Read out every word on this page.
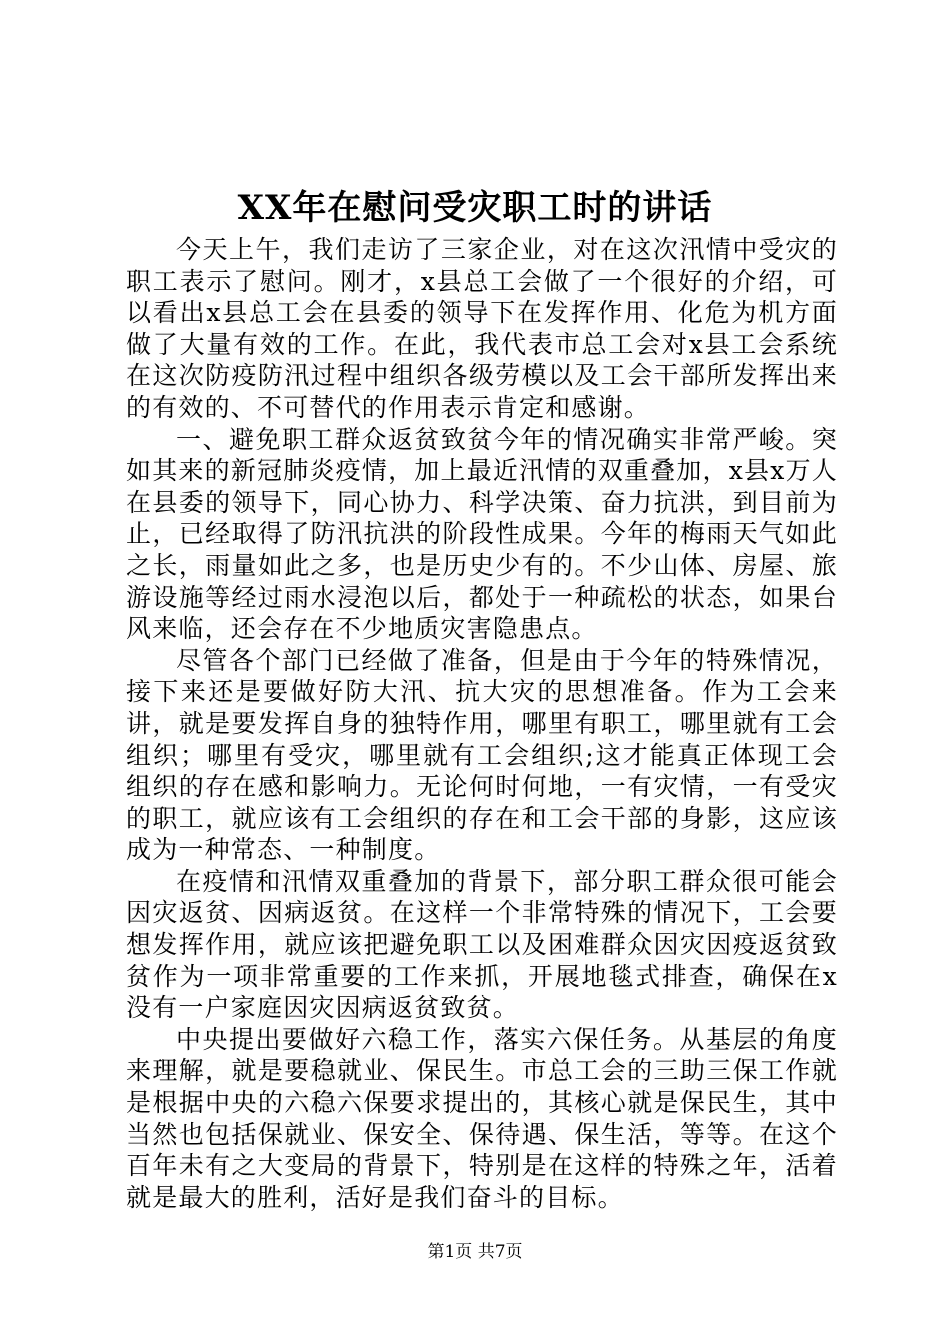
XX年在慰问受灾职工时的讲话

今天上午，我们走访了三家企业，对在这次汛情中受灾的职工表示了慰问。刚才，x县总工会做了一个很好的介绍，可以看出x县总工会在县委的领导下在发挥作用、化危为机方面做了大量有效的工作。在此，我代表市总工会对x县工会系统在这次防疫防汛过程中组织各级劳模以及工会干部所发挥出来的有效的、不可替代的作用表示肯定和感谢。

一、避免职工群众返贫致贫今年的情况确实非常严峻。突如其来的新冠肺炎疫情，加上最近汛情的双重叠加，x县x万人在县委的领导下，同心协力、科学决策、奋力抗洪，到目前为止，已经取得了防汛抗洪的阶段性成果。今年的梅雨天气如此之长，雨量如此之多，也是历史少有的。不少山体、房屋、旅游设施等经过雨水浸泡以后，都处于一种疏松的状态，如果台风来临，还会存在不少地质灾害隐患点。

尽管各个部门已经做了准备，但是由于今年的特殊情况，接下来还是要做好防大汛、抗大灾的思想准备。作为工会来讲，就是要发挥自身的独特作用，哪里有职工，哪里就有工会组织；哪里有受灾，哪里就有工会组织;这才能真正体现工会组织的存在感和影响力。无论何时何地，一有灾情，一有受灾的职工，就应该有工会组织的存在和工会干部的身影，这应该成为一种常态、一种制度。

在疫情和汛情双重叠加的背景下，部分职工群众很可能会因灾返贫、因病返贫。在这样一个非常特殊的情况下，工会要想发挥作用，就应该把避免职工以及困难群众因灾因疫返贫致贫作为一项非常重要的工作来抓，开展地毯式排查，确保在x没有一户家庭因灾因病返贫致贫。

中央提出要做好六稳工作，落实六保任务。从基层的角度来理解，就是要稳就业、保民生。市总工会的三助三保工作就是根据中央的六稳六保要求提出的，其核心就是保民生，其中当然也包括保就业、保安全、保待遇、保生活，等等。在这个百年未有之大变局的背景下，特别是在这样的特殊之年，活着就是最大的胜利，活好是我们奋斗的目标。

第1页 共7页
